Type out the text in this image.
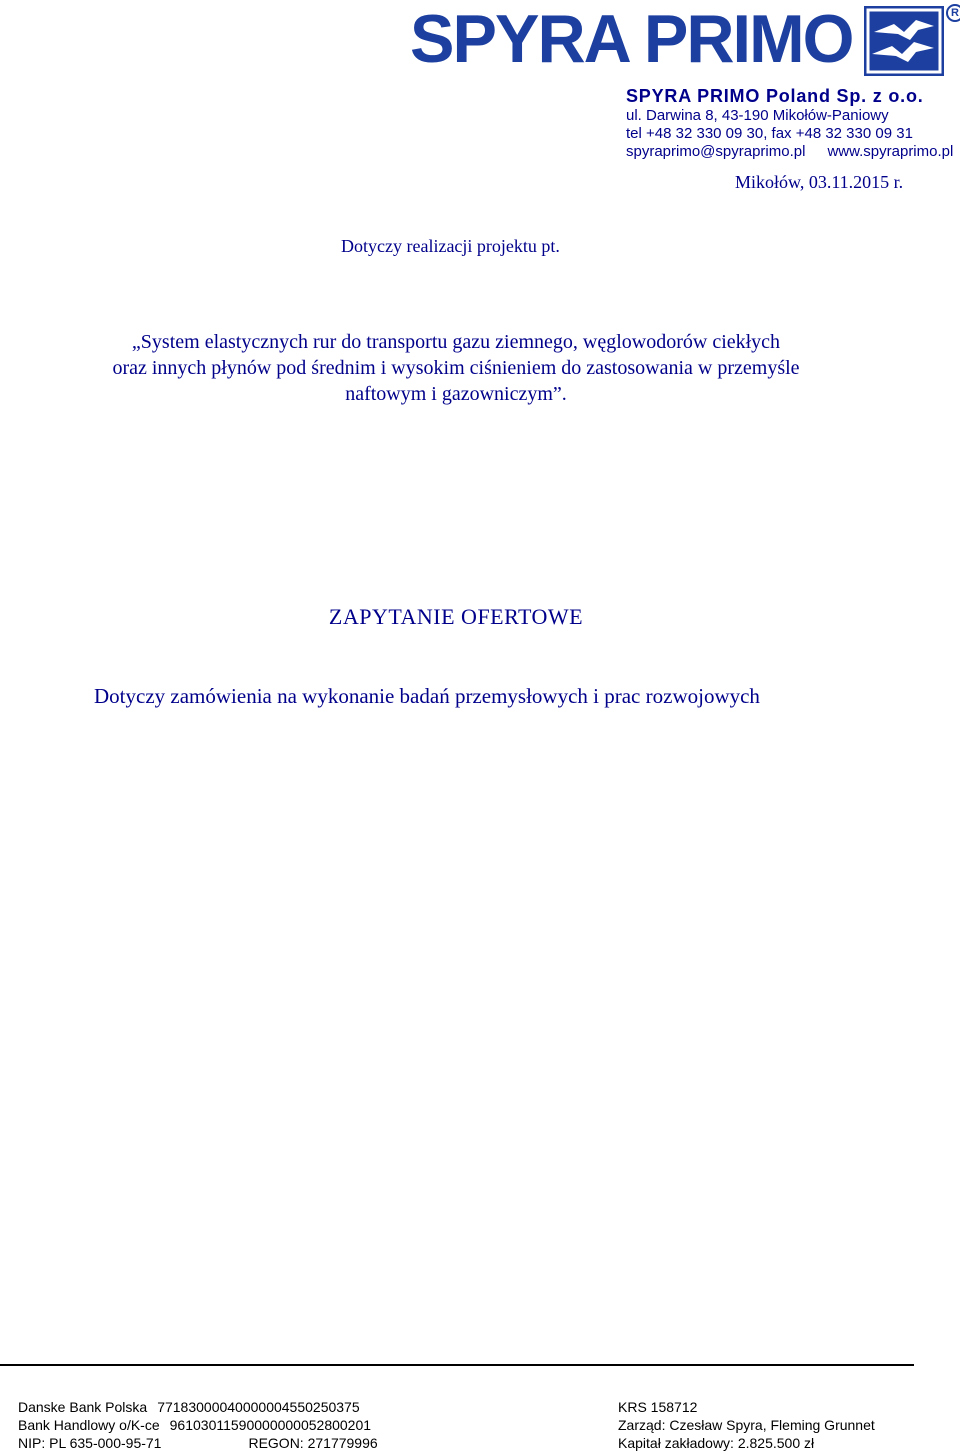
SPYRA PRIMO	R
SPYRA PRIMO Poland Sp. z o.o.
ul. Darwina 8, 43-190 Mikołów-Paniowy
tel +48 32 330 09 30, fax +48 32 330 09 31
spyraprimo@spyraprimo.pl www.spyraprimo.pl
Mikołów, 03.11.2015 r.
Dotyczy realizacji projektu pt.
„System elastycznych rur do transportu gazu ziemnego, węglowodorów ciekłych
oraz innych płynów pod średnim i wysokim ciśnieniem do zastosowania w przemyśle
naftowym i gazowniczym”.
ZAPYTANIE OFERTOWE
Dotyczy zamówienia na wykonanie badań przemysłowych i prac rozwojowych
Danske Bank Polska 77183000040000004550250375
Bank Handlowy o/K-ce 96103011590000000052800201
NIP: PL 635-000-95-71	REGON: 271779996
KRS 158712
Zarząd: Czesław Spyra, Fleming Grunnet
Kapitał zakładowy: 2.825.500 zł
